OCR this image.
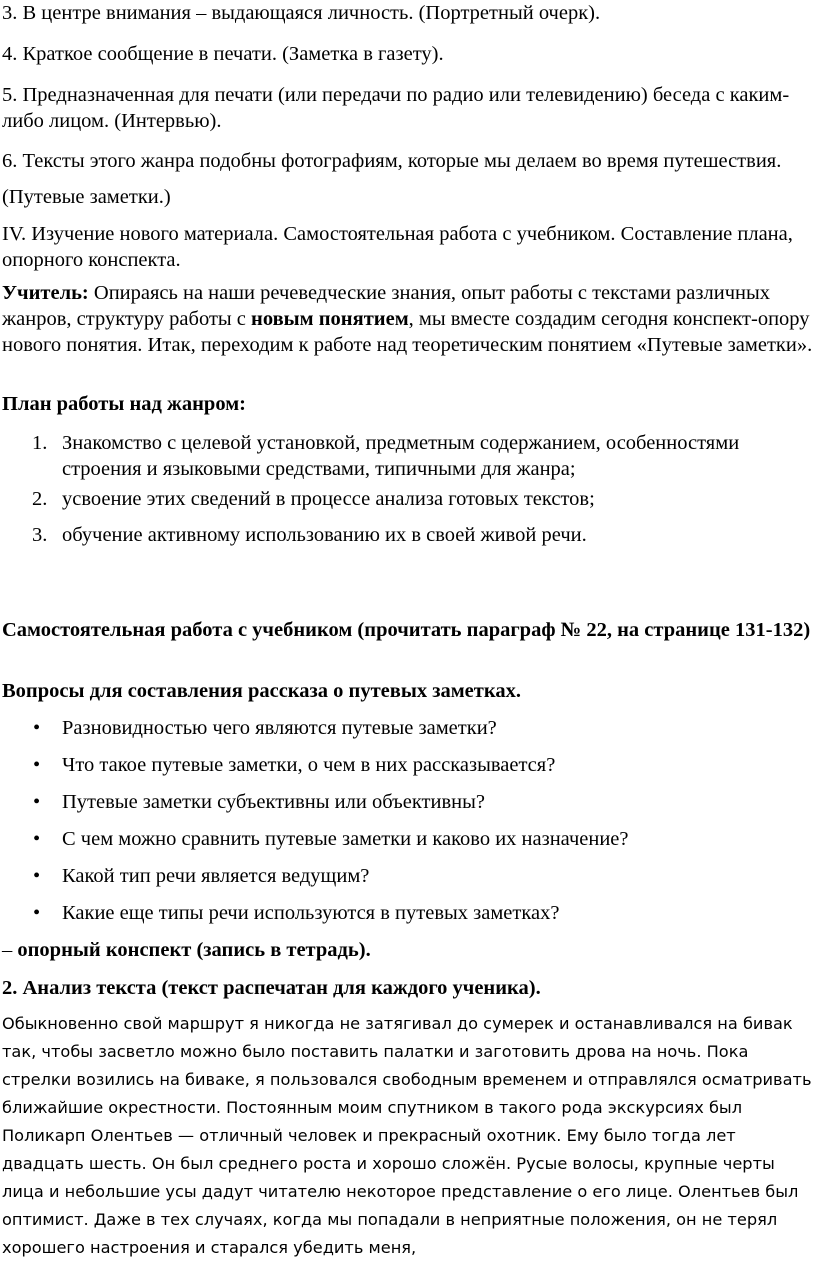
3. В центре внимания – выдающаяся личность. (Портретный очерк).

4. Краткое сообщение в печати. (Заметка в газету).

5. Предназначенная для печати (или передачи по радио или телевидению) беседа с каким-либо лицом. (Интервью).

6. Тексты этого жанра подобны фотографиям, которые мы делаем во время путешествия.

(Путевые заметки.)

IV. Изучение нового материала. Самостоятельная работа с учебником. Составление плана, опорного конспекта.

Учитель: Опираясь на наши речеведческие знания, опыт работы с текстами различных жанров, структуру работы с новым понятием, мы вместе создадим сегодня конспект-опору нового понятия. Итак, переходим к работе над теоретическим понятием «Путевые заметки».

План работы над жанром:

1. Знакомство с целевой установкой, предметным содержанием, особенностями строения и языковыми средствами, типичными для жанра;
2. усвоение этих сведений в процессе анализа готовых текстов;
3. обучение активному использованию их в своей живой речи.

Самостоятельная работа с учебником (прочитать параграф № 22, на странице 131-132)

Вопросы для составления рассказа о путевых заметках.

• Разновидностью чего являются путевые заметки?
• Что такое путевые заметки, о чем в них рассказывается?
• Путевые заметки субъективны или объективны?
• С чем можно сравнить путевые заметки и каково их назначение?
• Какой тип речи является ведущим?
• Какие еще типы речи используются в путевых заметках?

– опорный конспект (запись в тетрадь).

2. Анализ текста (текст распечатан для каждого ученика).

Обыкновенно свой маршрут я никогда не затягивал до сумерек и останавливался на бивак так, чтобы засветло можно было поставить палатки и заготовить дрова на ночь. Пока стрелки возились на биваке, я пользовался свободным временем и отправлялся осматривать ближайшие окрестности. Постоянным моим спутником в такого рода экскурсиях был Поликарп Олентьев — отличный человек и прекрасный охотник. Ему было тогда лет двадцать шесть. Он был среднего роста и хорошо сложён. Русые волосы, крупные черты лица и небольшие усы дадут читателю некоторое представление о его лице. Олентьев был оптимист. Даже в тех случаях, когда мы попадали в неприятные положения, он не терял хорошего настроения и старался убедить меня,
